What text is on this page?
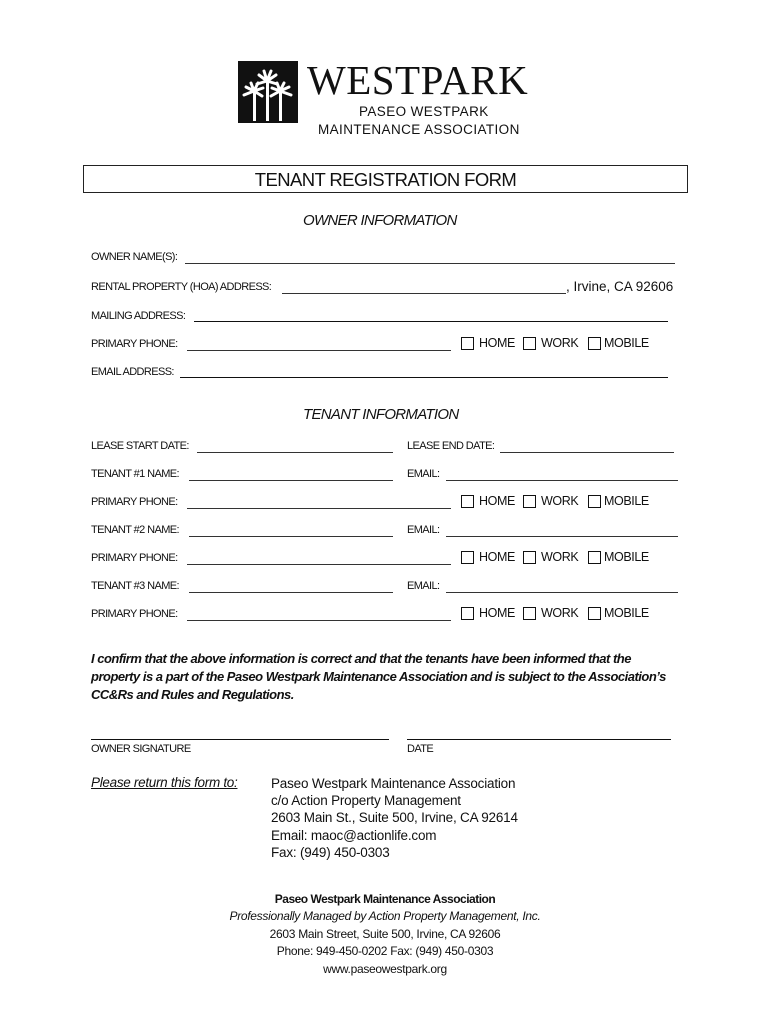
WESTPARK
PASEO WESTPARK
MAINTENANCE ASSOCIATION
TENANT REGISTRATION FORM
OWNER INFORMATION
OWNER NAME(S):
RENTAL PROPERTY (HOA) ADDRESS:	, Irvine, CA 92606
MAILING ADDRESS:
PRIMARY PHONE:	HOME WORK MOBILE
EMAIL ADDRESS:
TENANT INFORMATION
LEASE START DATE:	LEASE END DATE:
TENANT #1 NAME:	EMAIL:
PRIMARY PHONE:	HOME WORK MOBILE
TENANT #2 NAME:	EMAIL:
PRIMARY PHONE:	HOME WORK MOBILE
TENANT #3 NAME:	EMAIL:
PRIMARY PHONE:	HOME WORK MOBILE
I confirm that the above information is correct and that the tenants have been informed that the
property is a part of the Paseo Westpark Maintenance Association and is subject to the Association’s
CC&Rs and Rules and Regulations.
OWNER SIGNATURE	DATE
Please return this form to: Paseo Westpark Maintenance Association
c/o Action Property Management
2603 Main St., Suite 500, Irvine, CA 92614
Email: maoc@actionlife.com
Fax: (949) 450-0303
Paseo Westpark Maintenance Association
Professionally Managed by Action Property Management, Inc.
2603 Main Street, Suite 500, Irvine, CA 92606
Phone: 949-450-0202 Fax: (949) 450-0303
www.paseowestpark.org
